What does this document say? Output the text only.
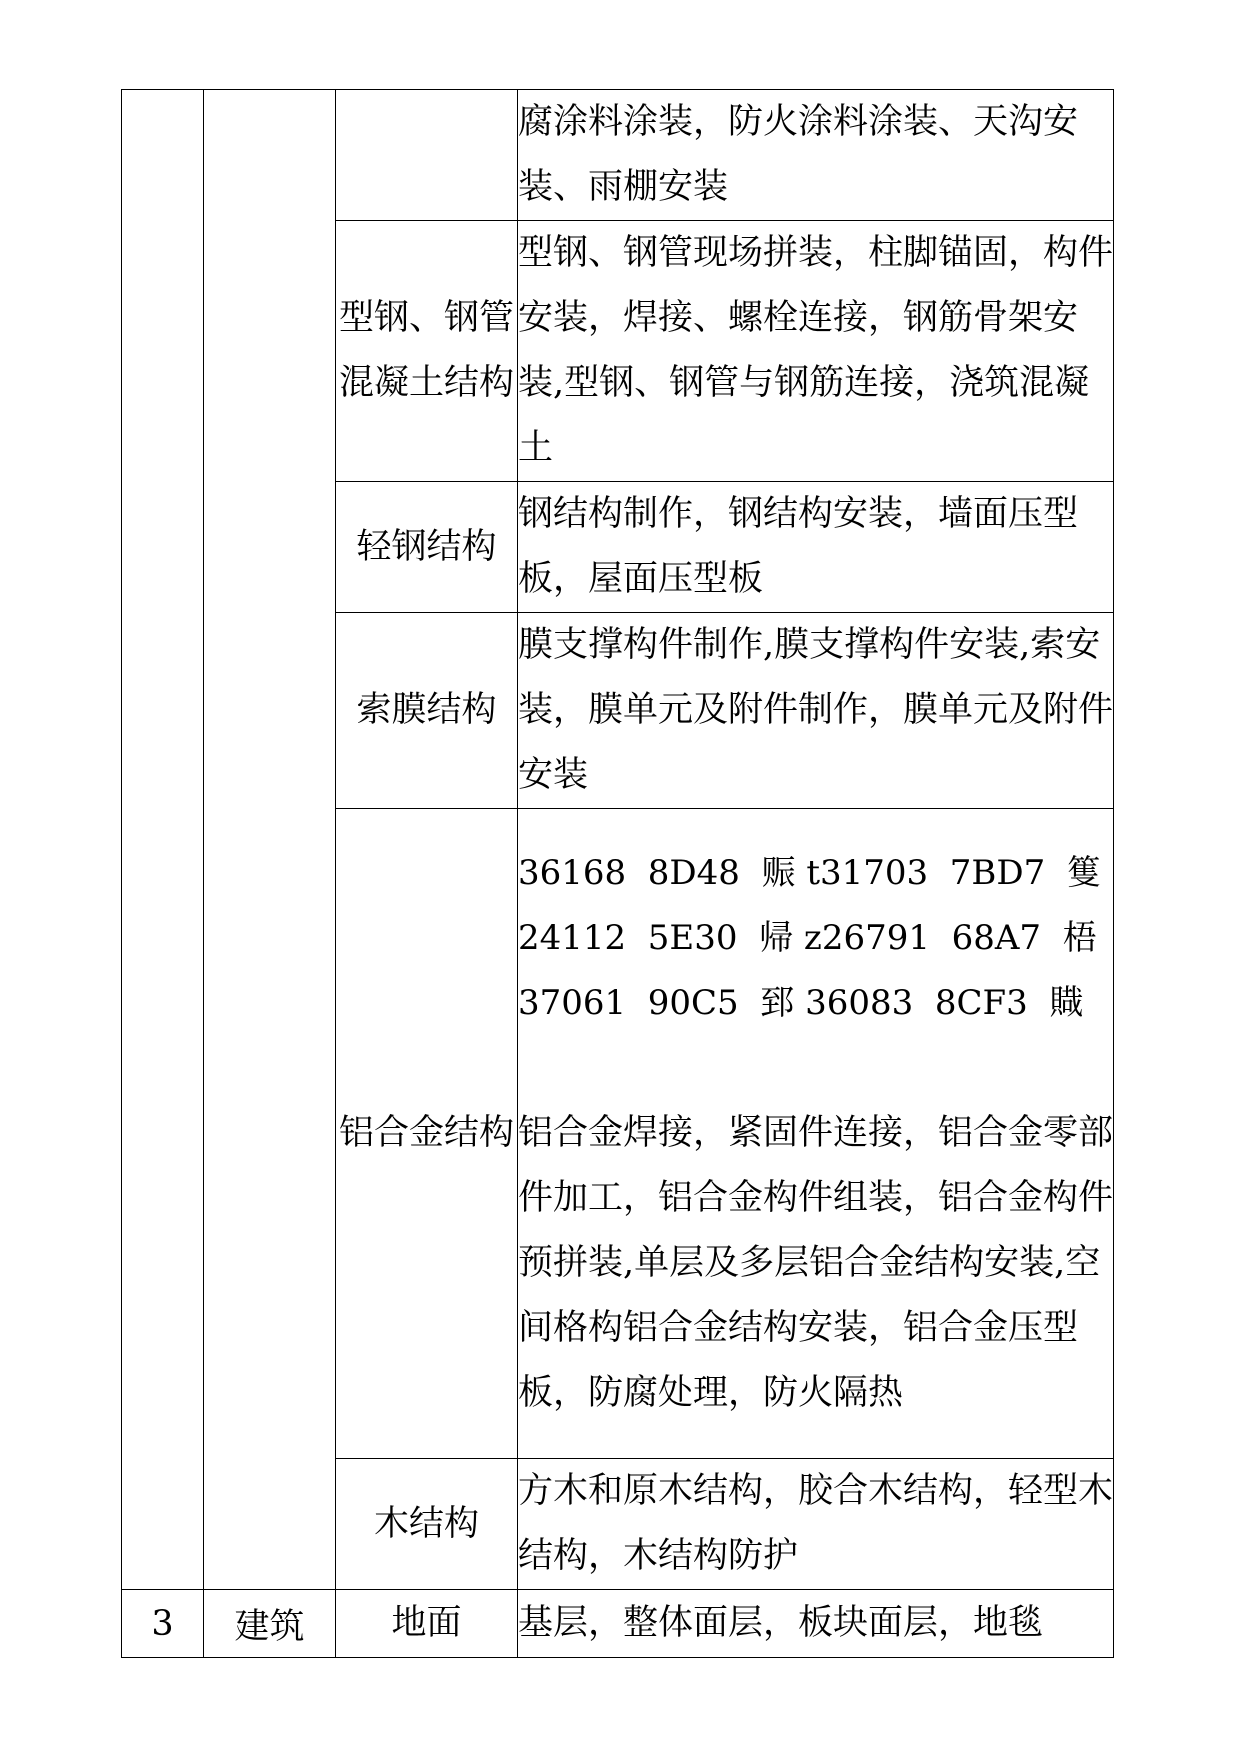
			腐涂料涂装，防火涂料涂装、天沟安装、雨棚安装
		型钢、钢管混凝土结构	型钢、钢管现场拼装，柱脚锚固，构件安装，焊接、螺栓连接，钢筋骨架安装,型钢、钢管与钢筋连接，浇筑混凝土
		轻钢结构	钢结构制作，钢结构安装，墙面压型板，屋面压型板
		索膜结构	膜支撑构件制作,膜支撑构件安装,索安装，膜单元及附件制作，膜单元及附件安装
		铝合金结构	36168  8D48  赈 t31703  7BD7  篗
24112  5E30  帰 z26791  68A7  梧
37061  90C5  郅 36083  8CF3  賳
铝合金焊接，紧固件连接，铝合金零部件加工，铝合金构件组装，铝合金构件预拼装,单层及多层铝合金结构安装,空间格构铝合金结构安装，铝合金压型板，防腐处理，防火隔热

		木结构	方木和原木结构，胶合木结构，轻型木结构，木结构防护
3	建筑	地面	基层，整体面层，板块面层，地毯
